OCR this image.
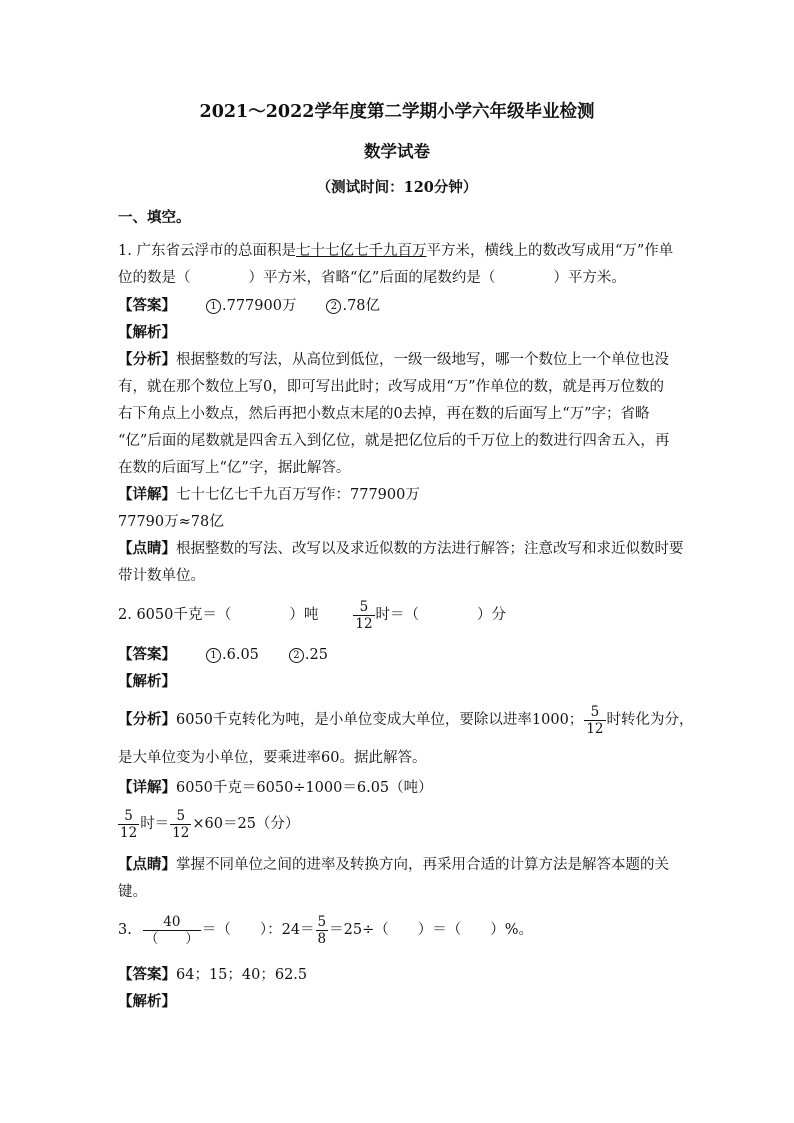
2021～2022学年度第二学期小学六年级毕业检测
数学试卷
（测试时间：120分钟）
一、填空。
1. 广东省云浮市的总面积是七十七亿七千九百万平方米，横线上的数改写成用“万”作单
位的数是（　　　　）平方米，省略“亿”后面的尾数约是（　　　　）平方米。
【答案】	1 .777900万	2 .78亿
【解析】
【分析】根据整数的写法，从高位到低位，一级一级地写，哪一个数位上一个单位也没
有，就在那个数位上写0，即可写出此时；改写成用“万”作单位的数，就是再万位数的
右下角点上小数点，然后再把小数点末尾的0去掉，再在数的后面写上“万”字；省略
“亿”后面的尾数就是四舍五入到亿位，就是把亿位后的千万位上的数进行四舍五入，再
在数的后面写上“亿”字，据此解答。
【详解】七十七亿七千九百万写作：777900万
77790万≈78亿
【点睛】根据整数的写法、改写以及求近似数的方法进行解答；注意改写和求近似数时要
带计数单位。
2. 6050千克＝（　　　　）吨	$\frac{5}{12}$ 时＝（　　　　）分
【答案】	1 .6.05	2 .25
【解析】
【分析】6050千克转化为吨，是小单位变成大单位，要除以进率1000； $\frac{5}{12}$ 时转化为分，
是大单位变为小单位，要乘进率60。据此解答。
【详解】6050千克＝6050÷1000＝6.05（吨）
$\frac{5}{12}$ 时＝ $\frac{5}{12} \times 60=25$（分）
【点睛】掌握不同单位之间的进率及转换方向，再采用合适的计算方法是解答本题的关
键。
3. $\frac{40}{( )}$ ＝（　　）：$24= \frac{5}{8} =25\div$（　　）＝（　　）%。
【答案】64；15；40；62.5
【解析】
